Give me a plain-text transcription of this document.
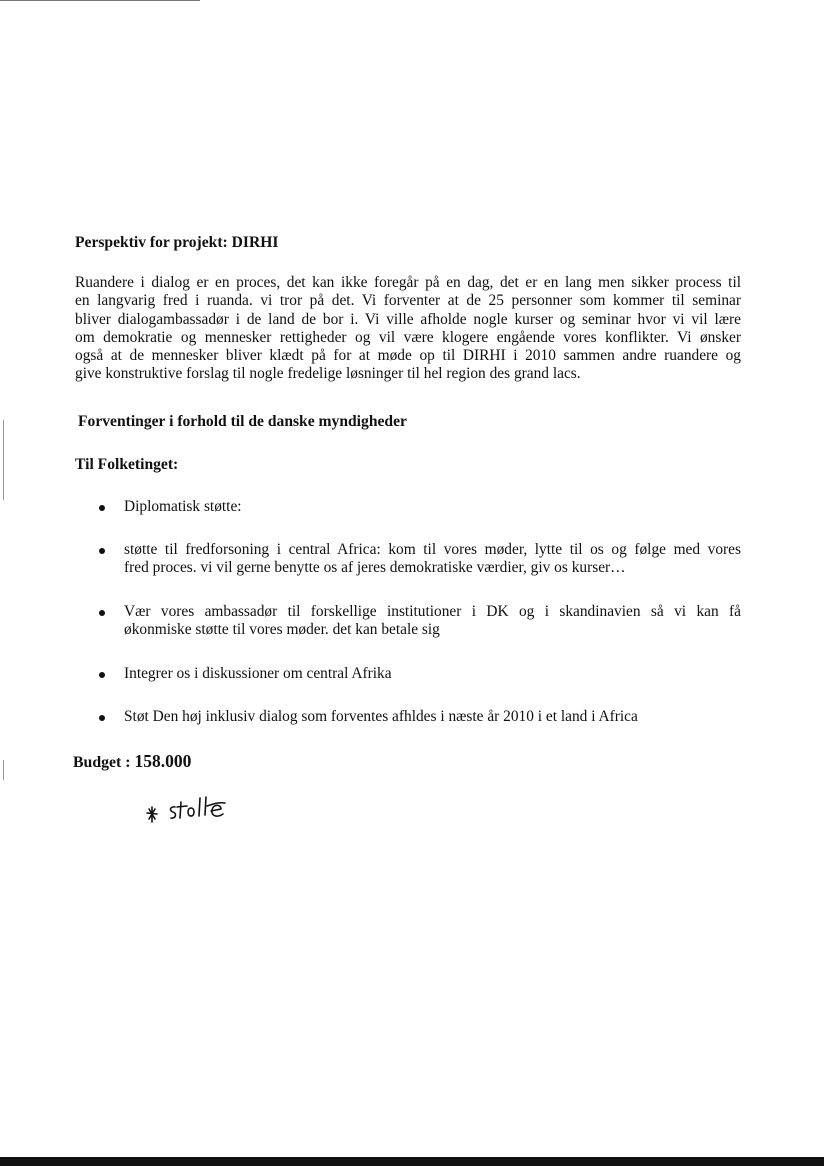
Perspektiv for projekt: DIRHI
Ruandere i dialog er en proces, det kan ikke foregår på en dag, det er en lang men sikker process til
en langvarig fred i ruanda. vi tror på det. Vi forventer at de 25 personner som kommer til seminar
bliver dialogambassadør i de land de bor i. Vi ville afholde nogle kurser og seminar hvor vi vil lære
om demokratie og mennesker rettigheder og vil være klogere engående vores konflikter. Vi ønsker
også at de mennesker bliver klædt på for at møde op til DIRHI i 2010 sammen andre ruandere og
give konstruktive forslag til nogle fredelige løsninger til hel region des grand lacs.
Forventinger i forhold til de danske myndigheder
Til Folketinget:
Diplomatisk støtte:
støtte til fredforsoning i central Africa: kom til vores møder, lytte til os og følge med vores
fred proces. vi vil gerne benytte os af jeres demokratiske værdier, giv os kurser…
Vær vores ambassadør til forskellige institutioner i DK og i skandinavien så vi kan få
økonmiske støtte til vores møder. det kan betale sig
Integrer os i diskussioner om central Afrika
Støt Den høj inklusiv dialog som forventes afhldes i næste år 2010 i et land i Africa
Budget : 158.000
